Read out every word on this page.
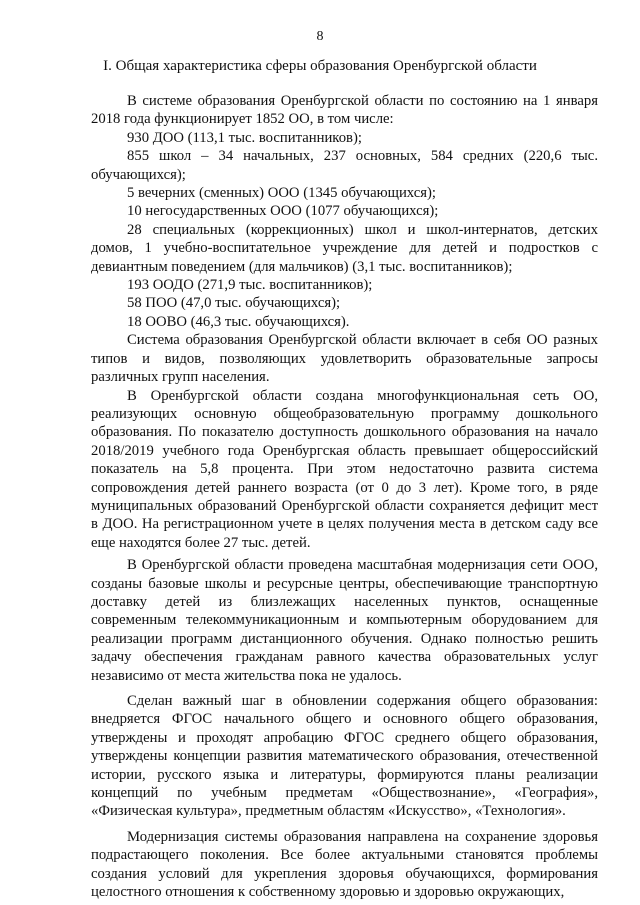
8
I. Общая характеристика сферы образования Оренбургской области

В системе образования Оренбургской области по состоянию на 1 января 2018 года функционирует 1852 ОО, в том числе:

930 ДОО (113,1 тыс. воспитанников);

855 школ – 34 начальных, 237 основных, 584 средних (220,6 тыс. обучающихся);

5 вечерних (сменных) ООО (1345 обучающихся);

10 негосударственных ООО (1077 обучающихся);

28 специальных (коррекционных) школ и школ-интернатов, детских домов, 1 учебно-воспитательное учреждение для детей и подростков с девиантным поведением (для мальчиков) (3,1 тыс. воспитанников);

193 ООДО (271,9 тыс. воспитанников);

58 ПОО (47,0 тыс. обучающихся);

18 ООВО (46,3 тыс. обучающихся).

Система образования Оренбургской области включает в себя ОО разных типов и видов, позволяющих удовлетворить образовательные запросы различных групп населения.

В Оренбургской области создана многофункциональная сеть ОО, реализующих основную общеобразовательную программу дошкольного образования. По показателю доступность дошкольного образования на начало 2018/2019 учебного года Оренбургская область превышает общероссийский показатель на 5,8 процента. При этом недостаточно развита система сопровождения детей раннего возраста (от 0 до 3 лет). Кроме того, в ряде муниципальных образований Оренбургской области сохраняется дефицит мест в ДОО. На регистрационном учете в целях получения места в детском саду все еще находятся более 27 тыс. детей.

В Оренбургской области проведена масштабная модернизация сети ООО, созданы базовые школы и ресурсные центры, обеспечивающие транспортную доставку детей из близлежащих населенных пунктов, оснащенные современным телекоммуникационным и компьютерным оборудованием для реализации программ дистанционного обучения. Однако полностью решить задачу обеспечения гражданам равного качества образовательных услуг независимо от места жительства пока не удалось.

Сделан важный шаг в обновлении содержания общего образования: внедряется ФГОС начального общего и основного общего образования, утверждены и проходят апробацию ФГОС среднего общего образования, утверждены концепции развития математического образования, отечественной истории, русского языка и литературы, формируются планы реализации концепций по учебным предметам «Обществознание», «География», «Физическая культура», предметным областям «Искусство», «Технология».

Модернизация системы образования направлена на сохранение здоровья подрастающего поколения. Все более актуальными становятся проблемы создания условий для укрепления здоровья обучающихся, формирования целостного отношения к собственному здоровью и здоровью окружающих,
